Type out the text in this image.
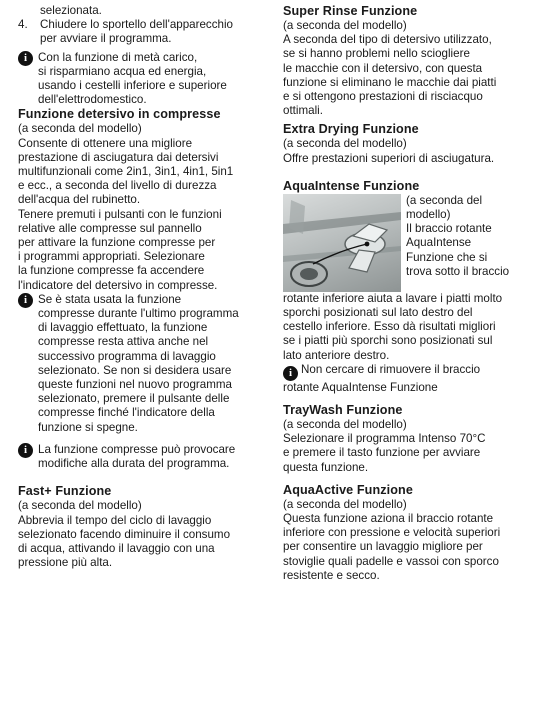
selezionata.

4. Chiudere lo sportello dell'apparecchio

per avviare il programma.

i Con la funzione di metà carico,

si risparmiano acqua ed energia,

usando i cestelli inferiore e superiore

dell'elettrodomestico.

Funzione detersivo in compresse

(a seconda del modello)

Consente di ottenere una migliore

prestazione di asciugatura dai detersivi

multifunzionali come 2in1, 3in1, 4in1, 5in1

e ecc., a seconda del livello di durezza

dell'acqua del rubinetto.

Tenere premuti i pulsanti con le funzioni

relative alle compresse sul pannello

per attivare la funzione compresse per

i programmi appropriati. Selezionare

la funzione compresse fa accendere

l'indicatore del detersivo in compresse.

i Se è stata usata la funzione

compresse durante l'ultimo programma

di lavaggio effettuato, la funzione

compresse resta attiva anche nel

successivo programma di lavaggio

selezionato. Se non si desidera usare

queste funzioni nel nuovo programma

selezionato, premere il pulsante delle

compresse finché l'indicatore della

funzione si spegne.

i La funzione compresse può provocare

modifiche alla durata del programma.

Fast+ Funzione

(a seconda del modello)

Abbrevia il tempo del ciclo di lavaggio

selezionato facendo diminuire il consumo

di acqua, attivando il lavaggio con una

pressione più alta.

Super Rinse Funzione

(a seconda del modello)

A seconda del tipo di detersivo utilizzato,

se si hanno problemi nello sciogliere

le macchie con il detersivo, con questa

funzione si eliminano le macchie dai piatti

e si ottengono prestazioni di risciacquo

ottimali.

Extra Drying Funzione

(a seconda del modello)

Offre prestazioni superiori di asciugatura.

AquaIntense Funzione

(a seconda del

modello)

Il braccio rotante

AquaIntense

Funzione che si

trova sotto il braccio

rotante inferiore aiuta a lavare i piatti molto

sporchi posizionati sul lato destro del

cestello inferiore. Esso dà risultati migliori

se i piatti più sporchi sono posizionati sul

lato anteriore destro.

i Non cercare di rimuovere il braccio

rotante AquaIntense Funzione

TrayWash Funzione

(a seconda del modello)

Selezionare il programma Intenso 70°C

e premere il tasto funzione per avviare

questa funzione.

AquaActive Funzione

(a seconda del modello)

Questa funzione aziona il braccio rotante

inferiore con pressione e velocità superiori

per consentire un lavaggio migliore per

stoviglie quali padelle e vassoi con sporco

resistente e secco.
